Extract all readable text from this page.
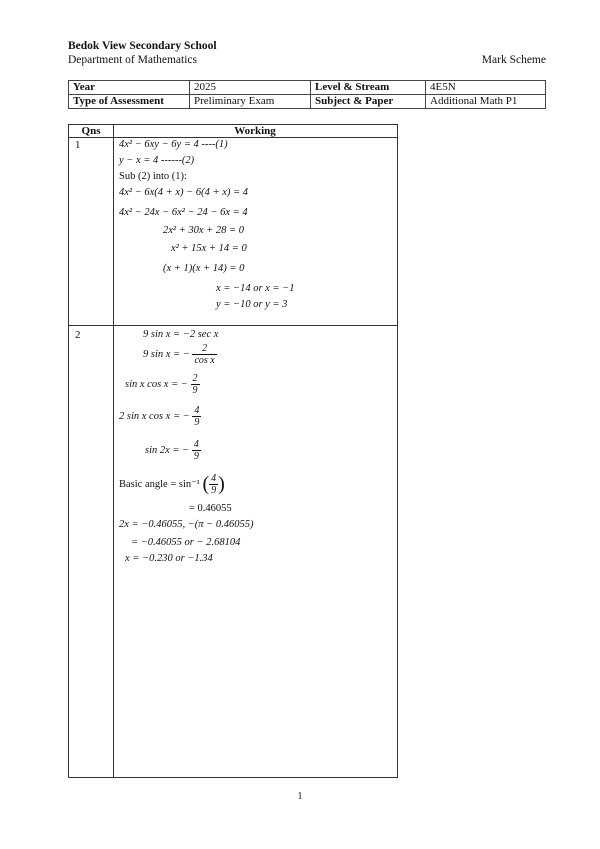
Bedok View Secondary School
Department of Mathematics	Mark Scheme
Year	2025	Level & Stream	4E5N
Type of Assessment	Preliminary Exam	Subject & Paper	Additional Math P1
Qns	Working
1	4x² − 6xy − 6y = 4 ----(1)
y − x = 4 ------(2)
Sub (2) into (1):
4x² − 6x(4 + x) − 6(4 + x) = 4
4x² − 24x − 6x² − 24 − 6x = 4
2x² + 30x + 28 = 0
x² + 15x + 14 = 0
(x + 1)(x + 14) = 0
x = −14 or x = −1
y = −10 or y = 3
2	9 sin x = −2 sec x
9 sin x = − $\frac{2}{\text{cos x}}$
sin x cos x = − $\frac{2}{9}$
2 sin x cos x = − $\frac{4}{9}$
sin 2x = − $\frac{4}{9}$
Basic angle = sin⁻¹ ( $\frac{4}{9}$ )
= 0.46055
2x = −0.46055, −(π − 0.46055)
= −0.46055 or − 2.68104
x = −0.230 or −1.34
1
